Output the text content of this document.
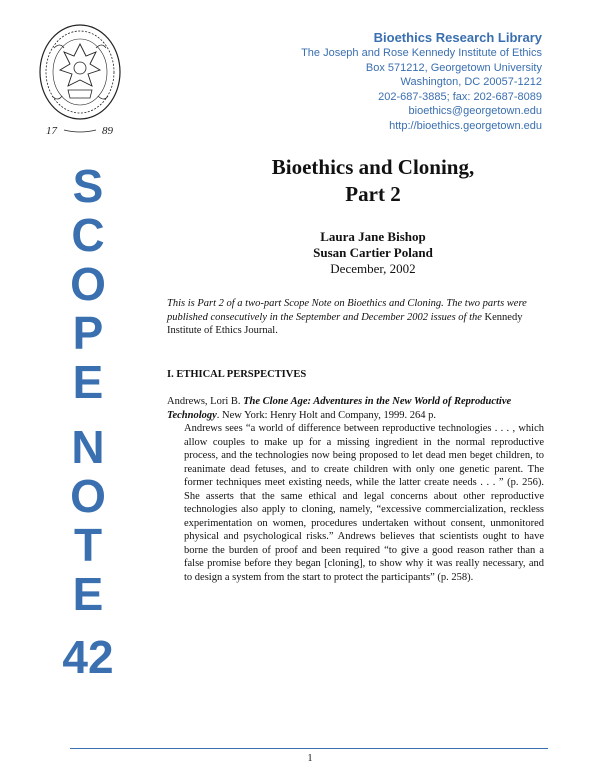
17	89
S
C
O
P
E
N
O
T
E
42
Bioethics Research Library
The Joseph and Rose Kennedy Institute of Ethics
Box 571212, Georgetown University
Washington, DC 20057-1212
202-687-3885; fax: 202-687-8089
bioethics@georgetown.edu
http://bioethics.georgetown.edu
Bioethics and Cloning,
Part 2
Laura Jane Bishop
Susan Cartier Poland
December, 2002
This is Part 2 of a two-part Scope Note on Bioethics and Cloning. The two parts were published consecutively in the September and December 2002 issues of the Kennedy Institute of Ethics Journal.
I. ETHICAL PERSPECTIVES
Andrews, Lori B. The Clone Age: Adventures in the New World of Reproductive Technology. New York: Henry Holt and Company, 1999. 264 p.
Andrews sees “a world of difference between reproductive technologies . . . , which allow couples to make up for a missing ingredient in the normal reproductive process, and the technologies now being proposed to let dead men beget children, to reanimate dead fetuses, and to create children with only one genetic parent. The former techniques meet existing needs, while the latter create needs . . . ” (p. 256). She asserts that the same ethical and legal concerns about other reproductive technologies also apply to cloning, namely, “excessive commercialization, reckless experimentation on women, procedures undertaken without consent, unmonitored physical and psychological risks.” Andrews believes that scientists ought to have borne the burden of proof and been required “to give a good reason rather than a false promise before they began [cloning], to show why it was really necessary, and to design a system from the start to protect the participants” (p. 258).
1
